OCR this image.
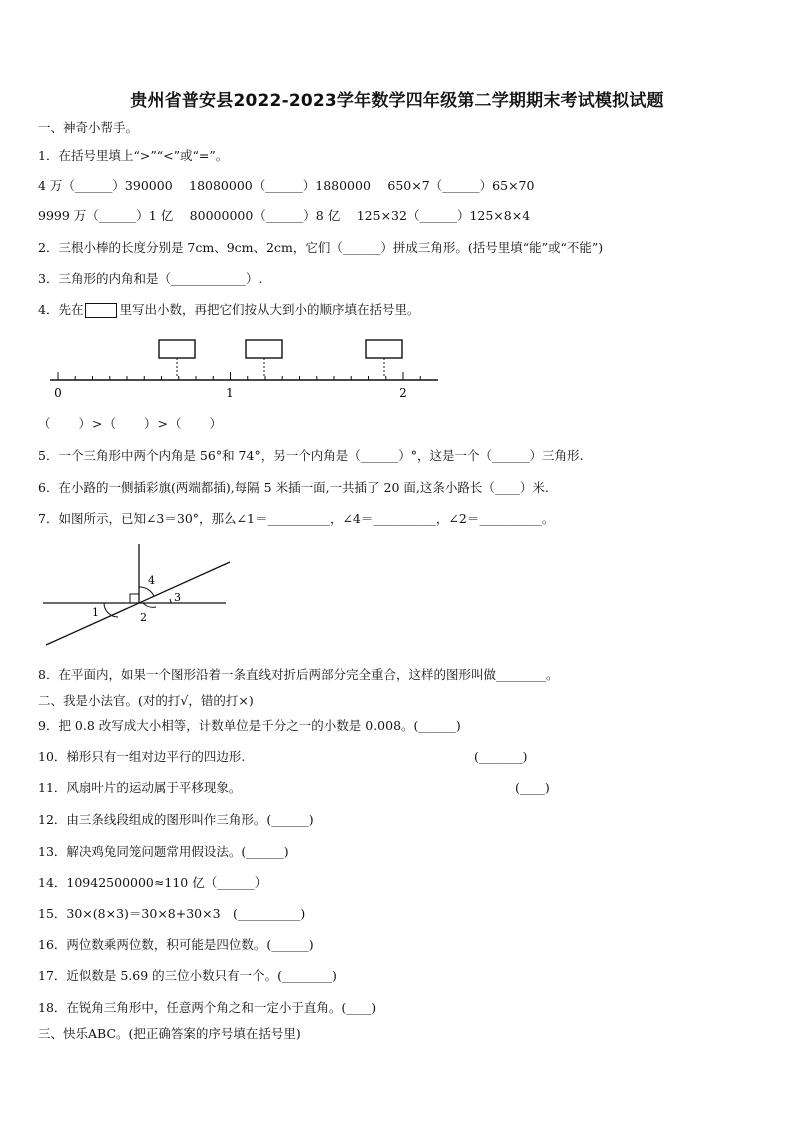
贵州省普安县2022-2023学年数学四年级第二学期期末考试模拟试题
一、神奇小帮手。
1．在括号里填上“>”“<”或“=”。
4 万（______）390000　 18080000（______）1880000　 650×7（______）65×70
9999 万（______）1 亿　 80000000（______）8 亿　 125×32（______）125×8×4
2．三根小棒的长度分别是 7cm、9cm、2cm，它们（______）拼成三角形。(括号里填“能”或“不能”)
3．三角形的内角和是（____________）.
4．先在	里写出小数，再把它们按从大到小的顺序填在括号里。
0	1	2
（　　）>（　　）>（　　）
5．一个三角形中两个内角是 56°和 74°，另一个内角是（______）°，这是一个（______）三角形.
6．在小路的一侧插彩旗(两端都插),每隔 5 米插一面,一共插了 20 面,这条小路长（____）米.
7．如图所示，已知∠3＝30°，那么∠1＝__________，∠4＝__________，∠2＝__________。
1	2
3
4
8．在平面内，如果一个图形沿着一条直线对折后两部分完全重合，这样的图形叫做________。
二、我是小法官。(对的打√，错的打×)
9．把 0.8 改写成大小相等，计数单位是千分之一的小数是 0.008。(______)
10．梯形只有一组对边平行的四边形.	(_______)
11．风扇叶片的运动属于平移现象。	(____)
12．由三条线段组成的图形叫作三角形。(______)
13．解决鸡兔同笼问题常用假设法。(______)
14．10942500000≈110 亿（______）
15．30×(8×3)＝30×8+30×3　(__________)
16．两位数乘两位数，积可能是四位数。(______)
17．近似数是 5.69 的三位小数只有一个。(________)
18．在锐角三角形中，任意两个角之和一定小于直角。(____)
三、快乐ABC。(把正确答案的序号填在括号里)
